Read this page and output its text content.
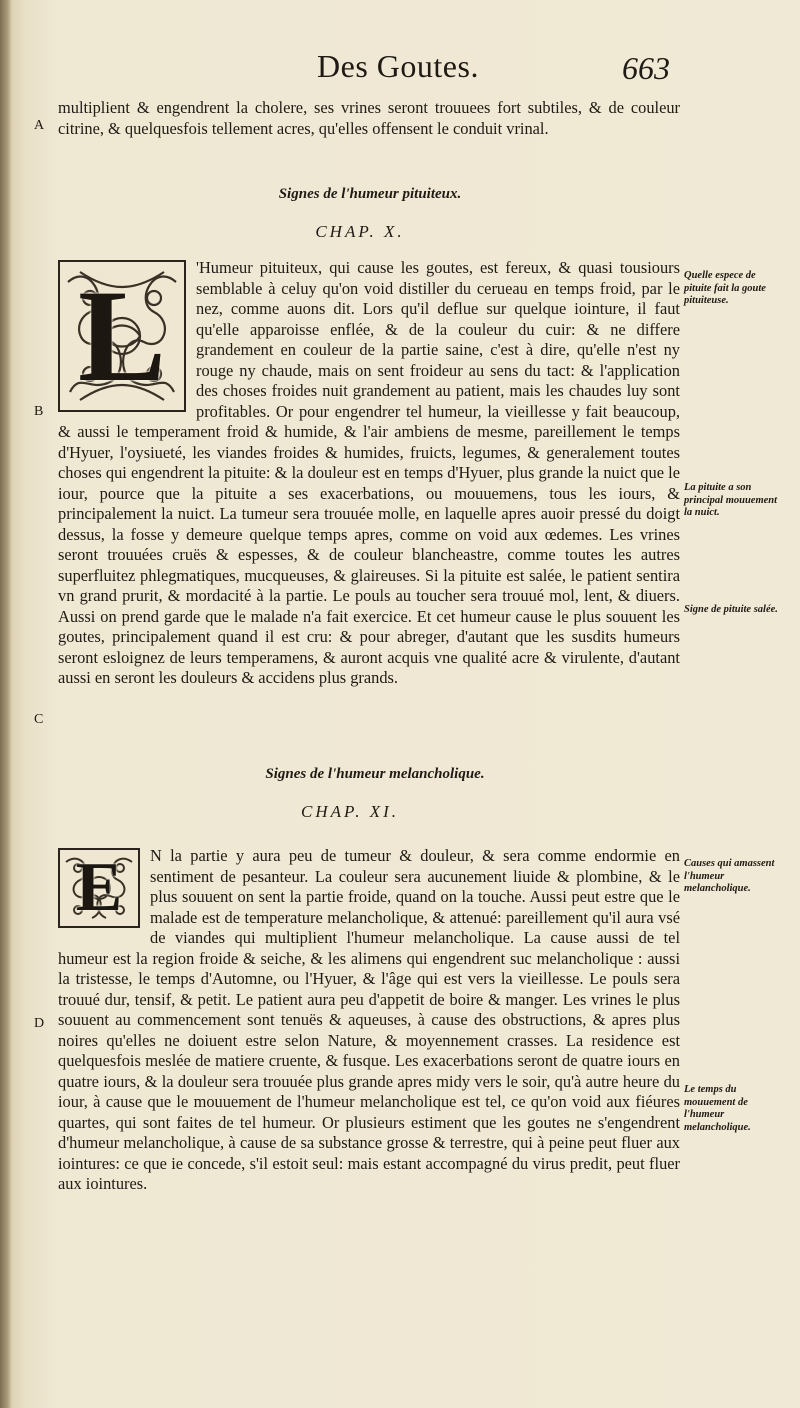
Des Goutes.	663
A
B
C
D

multiplient & engendrent la cholere, ses vrines seront trouuees fort subtiles, & de couleur citrine, & quelquesfois tellement acres, qu'elles offensent le conduit vrinal.

Signes de l'humeur pituiteux.
CHAP. X.
L	'Humeur pituiteux, qui cause les goutes, est fereux, & quasi tousiours semblable à celuy qu'on void distiller du cerueau en temps froid, par le nez, comme auons dit. Lors qu'il deflue sur quelque iointure, il faut qu'elle apparoisse enflée, & de la couleur du cuir: & ne differe grandement en couleur de la partie saine, c'est à dire, qu'elle n'est ny rouge ny chaude, mais on sent froideur au sens du tact: & l'application des choses froides nuit grandement au patient, mais les chaudes luy sont profitables. Or pour engendrer tel humeur, la vieillesse y fait beaucoup, & aussi le temperament froid & humide, & l'air ambiens de mesme, pareillement le temps d'Hyuer, l'oysiueté, les viandes froides & humides, fruicts, legumes, & generalement toutes choses qui engendrent la pituite: & la douleur est en temps d'Hyuer, plus grande la nuict que le iour, pource que la pituite a ses exacerbations, ou mouuemens, tous les iours, & principalement la nuict. La tumeur sera trouuée molle, en laquelle apres auoir pressé du doigt dessus, la fosse y demeure quelque temps apres, comme on void aux œdemes. Les vrines seront trouuées cruës & espesses, & de couleur blancheastre, comme toutes les autres superfluitez phlegmatiques, mucqueuses, & glaireuses. Si la pituite est salée, le patient sentira vn grand prurit, & mordacité à la partie. Le pouls au toucher sera trouué mol, lent, & diuers. Aussi on prend garde que le malade n'a fait exercice. Et cet humeur cause le plus souuent les goutes, principalement quand il est cru: & pour abreger, d'autant que les susdits humeurs seront esloignez de leurs temperamens, & auront acquis vne qualité acre & virulente, d'autant aussi en seront les douleurs & accidens plus grands.

Signes de l'humeur melancholique.
CHAP. XI.
E	N la partie y aura peu de tumeur & douleur, & sera comme endormie en sentiment de pesanteur. La couleur sera aucunement liuide & plombine, & le plus souuent on sent la partie froide, quand on la touche. Aussi peut estre que le malade est de temperature melancholique, & attenué: pareillement qu'il aura vsé de viandes qui multiplient l'humeur melancholique. La cause aussi de tel humeur est la region froide & seiche, & les alimens qui engendrent suc melancholique : aussi la tristesse, le temps d'Automne, ou l'Hyuer, & l'âge qui est vers la vieillesse. Le pouls sera trouué dur, tensif, & petit. Le patient aura peu d'appetit de boire & manger. Les vrines le plus souuent au commencement sont tenuës & aqueuses, à cause des obstructions, & apres plus noires qu'elles ne doiuent estre selon Nature, & moyennement crasses. La residence est quelquesfois meslée de matiere cruente, & fusque. Les exacerbations seront de quatre iours en quatre iours, & la douleur sera trouuée plus grande apres midy vers le soir, qu'à autre heure du iour, à cause que le mouuement de l'humeur melancholique est tel, ce qu'on void aux fiéures quartes, qui sont faites de tel humeur. Or plusieurs estiment que les goutes ne s'engendrent d'humeur melancholique, à cause de sa substance grosse & terrestre, qui à peine peut fluer aux iointures: ce que ie concede, s'il estoit seul: mais estant accompagné du virus predit, peut fluer aux iointures.

Quelle espece de pituite fait la goute pituiteuse.
La pituite a son principal mouuement la nuict.
Signe de pituite salée.
Causes qui amassent l'humeur melancholique.
Le temps du mouuement de l'humeur melancholique.
